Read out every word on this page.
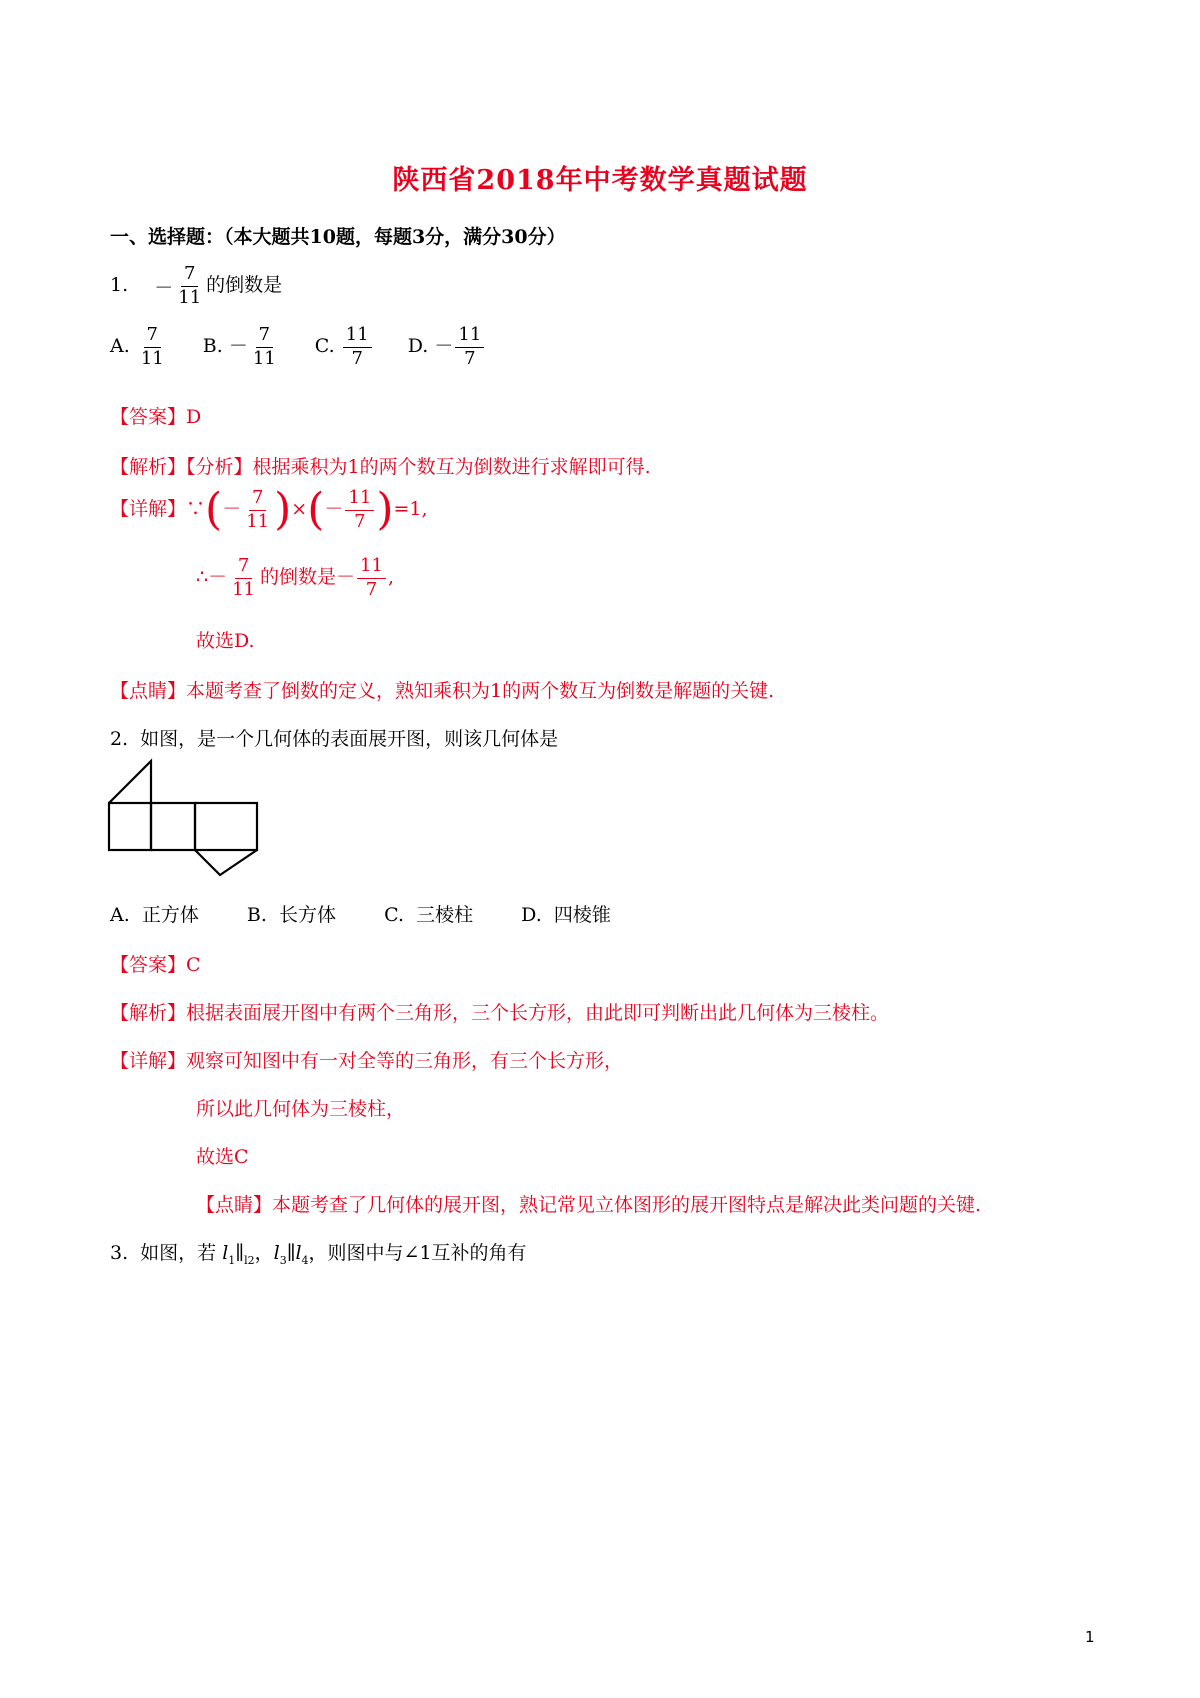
陕西省2018年中考数学真题试题
一、选择题：（本大题共10题，每题3分，满分30分）
1. － $\frac{7}{11}$ 的倒数是
A. $\frac{7}{11} B$. － $\frac{7}{11} C$. $\frac{11}{7} D$. － $\frac{11}{7}$
【答案】D
【解析】【分析】根据乘积为1的两个数互为倒数进行求解即可得.
【详解】∵(－ $\frac{7}{11}$ )×(－ $\frac{11}{7} )=1$,
∴－ $\frac{7}{11}$ 的倒数是－ $\frac{11}{7}$ ,
故选D.
【点睛】本题考查了倒数的定义，熟知乘积为1的两个数互为倒数是解题的关键.
2. 如图，是一个几何体的表面展开图，则该几何体是
A. 正方体	B. 长方体	C. 三棱柱	D. 四棱锥
【答案】C
【解析】根据表面展开图中有两个三角形，三个长方形，由此即可判断出此几何体为三棱柱。
【详解】观察可知图中有一对全等的三角形，有三个长方形，
所以此几何体为三棱柱，
故选C
【点睛】本题考查了几何体的展开图，熟记常见立体图形的展开图特点是解决此类问题的关键.
3. 如图，若 $l_1\parallel_{l2}$，$l_3\parallel l_4$，则图中与∠1互补的角有
1
